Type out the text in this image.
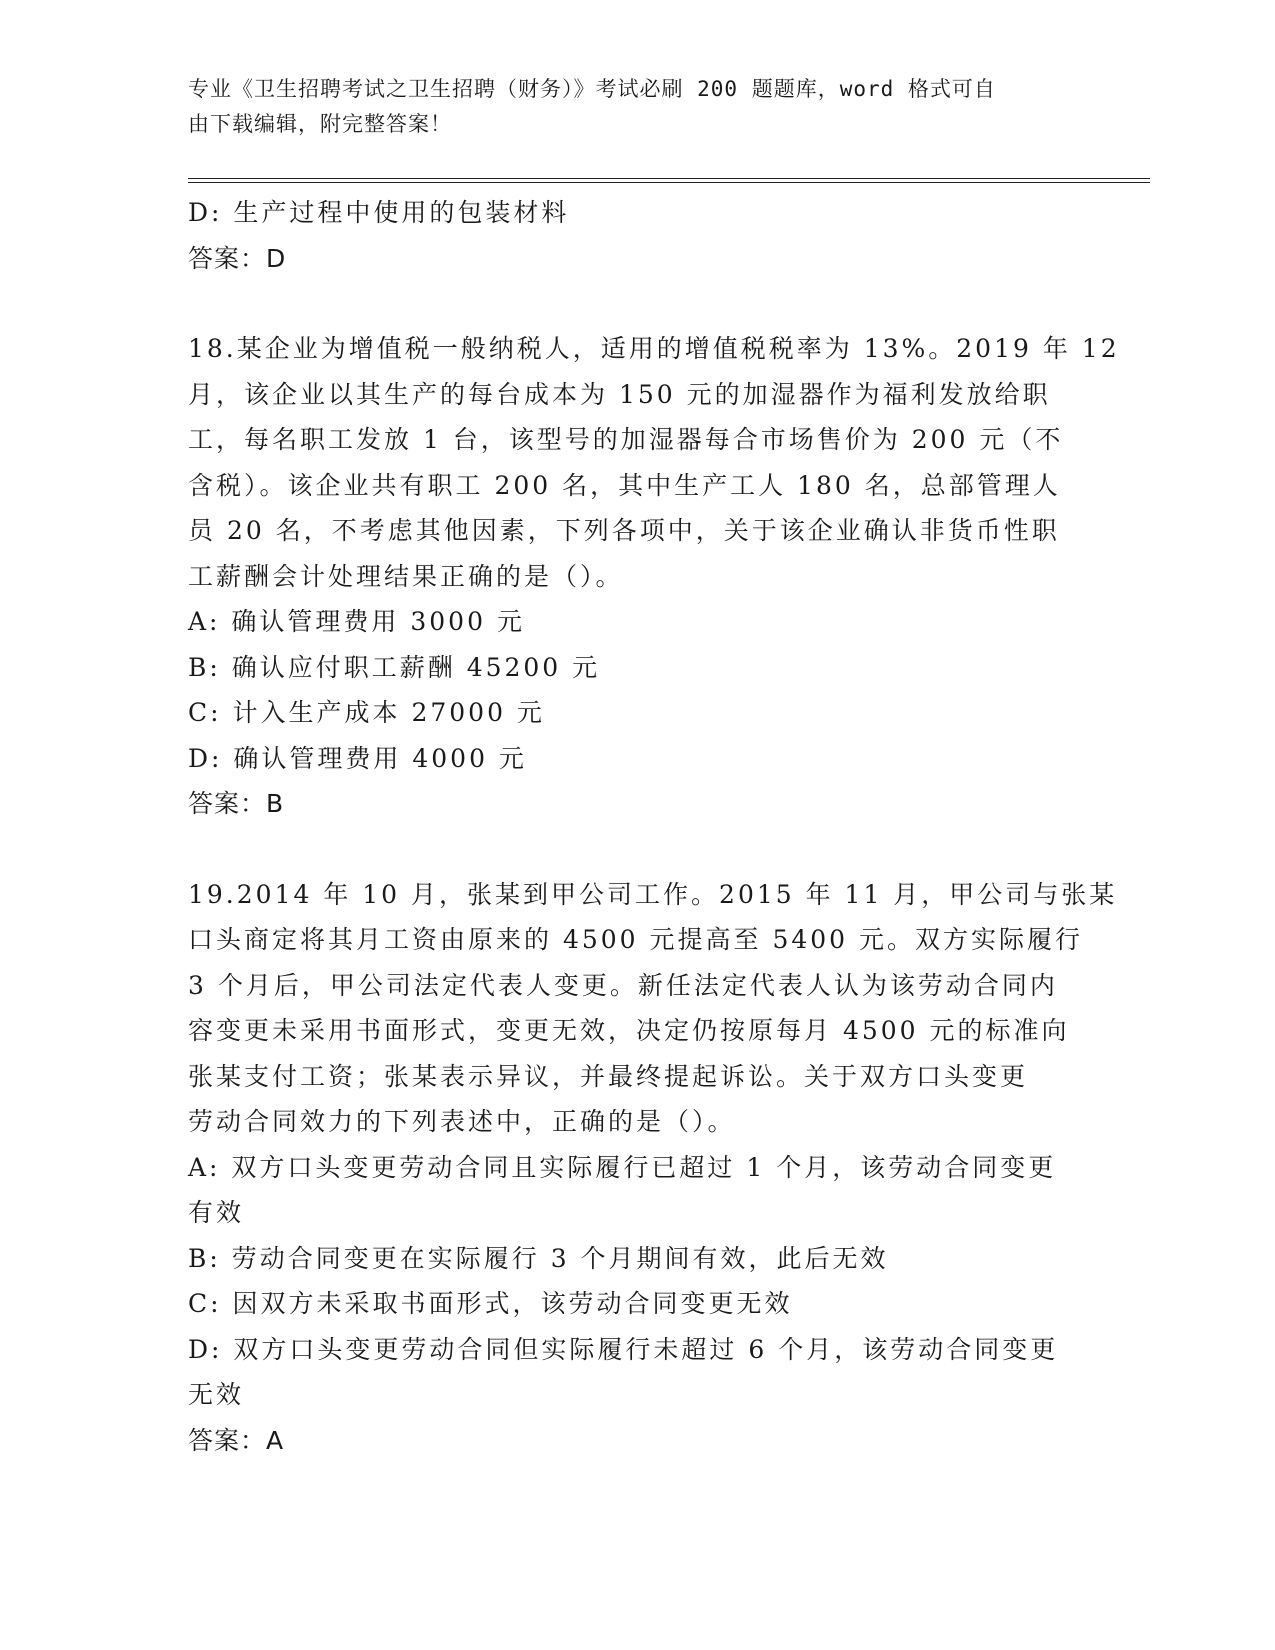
专业《卫生招聘考试之卫生招聘（财务）》考试必刷 200 题题库，word 格式可自
由下载编辑，附完整答案！
D: 生产过程中使用的包装材料
答案：D
18.某企业为增值税一般纳税人，适用的增值税税率为 13%。2019 年 12
月，该企业以其生产的每台成本为 150 元的加湿器作为福利发放给职
工，每名职工发放 1 台，该型号的加湿器每合市场售价为 200 元（不
含税）。该企业共有职工 200 名，其中生产工人 180 名，总部管理人
员 20 名，不考虑其他因素，下列各项中，关于该企业确认非货币性职
工薪酬会计处理结果正确的是（）。
A: 确认管理费用 3000 元
B: 确认应付职工薪酬 45200 元
C: 计入生产成本 27000 元
D: 确认管理费用 4000 元
答案：B
19.2014 年 10 月，张某到甲公司工作。2015 年 11 月，甲公司与张某
口头商定将其月工资由原来的 4500 元提高至 5400 元。双方实际履行
3 个月后，甲公司法定代表人变更。新任法定代表人认为该劳动合同内
容变更未采用书面形式，变更无效，决定仍按原每月 4500 元的标准向
张某支付工资；张某表示异议，并最终提起诉讼。关于双方口头变更
劳动合同效力的下列表述中，正确的是（）。
A: 双方口头变更劳动合同且实际履行已超过 1 个月，该劳动合同变更
有效
B: 劳动合同变更在实际履行 3 个月期间有效，此后无效
C: 因双方未采取书面形式，该劳动合同变更无效
D: 双方口头变更劳动合同但实际履行未超过 6 个月，该劳动合同变更
无效
答案：A
